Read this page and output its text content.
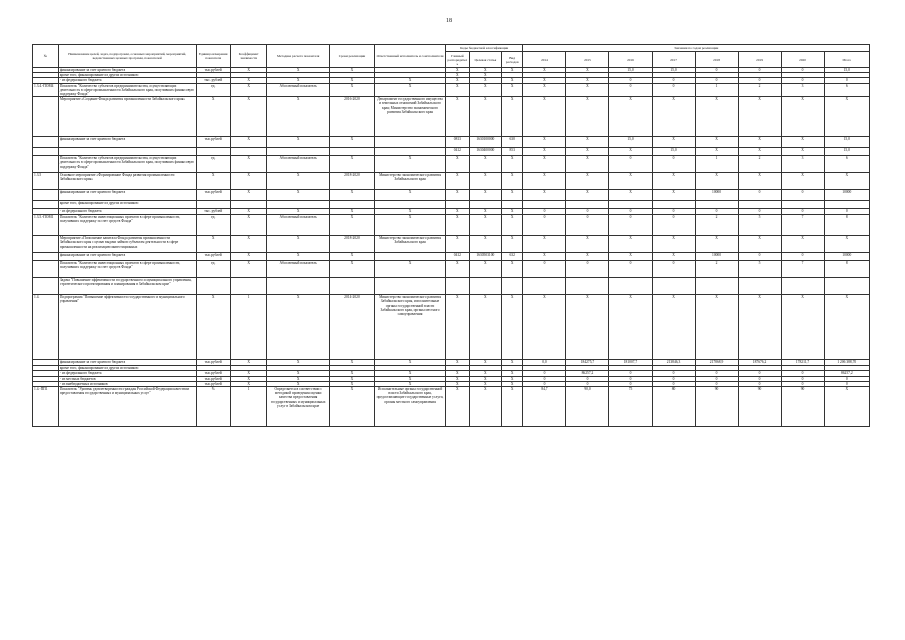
18
№	Наименование целей, задач, подпрограмм, основных мероприятий, мероприятий, ведомственных целевых программ, показателей	Единица измерения показателя	Коэффициент значимости	Методика расчета показателя	Сроки реализации	Ответственный исполнитель и соисполнители	Коды бюджетной классификации			Значения по годам реализации							
							Главный распорядитель	Целевая статья	Вид расходов	2014	2015	2016	2017	2018	2019	2020	Итого
	финансирование за счет краевого бюджета	тыс.рублей	Х	Х	Х		Х	Х	Х	Х	Х	15,0	15,0	0	0	0	15,0
	кроме того, финансирование из других источников:						Х	Х									
	- из федерального бюджета	тыс. рублей	Х	Х	Х	Х	Х	Х	Х	Х	Х	0	0	0	0	0	0
1.3.4.-ПОМ4	Показатель "Количество субъектов предпринимательства, осуществляющих деятельность в сфере промышленности Забайкальского края, получивших финансовую поддержку Фонда"	ед.	Х	Абсолютный показатель	Х	Х	Х	Х	Х	Х	Х	0	0	1	2	3	6
	Мероприятие «Создание Фонда развития промышленности Забайкальского края»	Х	Х	Х	2016-2020	Департамент государственного имущества и земельных отношений Забайкальского края; Министерство экономического развития Забайкальского края	Х	Х	Х	Х	Х	Х	Х	Х	Х	Х	Х
	финансирование за счет краевого бюджета	тыс.рублей	Х	Х	Х		0813	1630100000	630	Х	Х	15,0	Х	Х	Х	Х	15,0
							0412	1630400000	853	Х	Х	Х	15,0	Х	Х	Х	15,0
	Показатель "Количество субъектов предпринимательства, осуществляющих деятельность в сфере промышленности Забайкальского края, получивших финансовую поддержку Фонда"	ед.	Х	Абсолютный показатель	Х	Х	Х	Х	Х	Х	Х	0	0	1	2	3	6
1.3.5	Основное мероприятие «Формирование Фонда развития промышленности Забайкальского края»	Х	Х	Х	2018-2020	Министерство экономического развития Забайкальского края	Х	Х	Х	Х	Х	Х	Х	Х	Х	Х	Х
	финансирование за счет краевого бюджета	тыс.рублей	Х	Х	Х	Х	Х	Х	Х	Х	Х	Х	Х	10000	0	0	10000
	кроме того, финансирование из других источников:																
	- из федерального бюджета	тыс. рублей	Х	Х	Х	Х	Х	Х	Х	0	0	0	0	0	0	0	0
1.3.5.-ПОМ1	Показатель "Количество инвестиционных проектов в сфере промышленности, получивших поддержку за счет средств Фонда"	ед.	Х	Абсолютный показатель	Х	Х	Х	Х	Х	0	0	0	0	2	5	7	8
	Мероприятие «Пополнение капитала Фонда развития промышленности Забайкальского края с целью выдачи займов субъектам деятельности в сфере промышленности на реализацию инвестиционных	Х	Х	Х	2018-2020	Министерство экономического развития Забайкальского края	Х	Х	Х	Х	Х	Х	Х	Х	Х	Х	Х
	финансирование за счет краевого бюджета	тыс.рублей	Х	Х	Х		0412	1630503100	632	Х	Х	Х	Х	10000	0	0	10000
	Показатель "Количество инвестиционных проектов в сфере промышленности, получивших поддержку за счет средств Фонда"	ед.	Х	Абсолютный показатель	Х	Х	Х	Х	Х	0	0	0	0	2	5	7	8
	Задача "Повышение эффективности государственного и муниципального управления, стратегического проектирования и планирования в Забайкальском крае"																
1.4.	Подпрограмма "Повышение эффективности государственного и муниципального управления"	Х	1	Х	2014-2020	Министерство экономического развития Забайкальского края, исполнительные органы государственной власти Забайкальского края, органы местного самоуправления	Х	Х	Х	Х	Х	Х	Х	Х	Х	Х	Х
	финансирование за счет краевого бюджета	тыс.рублей	Х	Х	Х	Х	Х	Х	Х	0,0	184275,7	181007,7	213846,3	217868,9	187676,2	178211,7	1 206 388,70
	кроме того, финансирование из других источников:																
	- из федерального бюджета	тыс.рублей	Х	Х	Х	Х	Х	Х	Х	0	86257,2	0	0	0	0	0	86257,2
	- из местных бюджетов	тыс.рублей	Х	Х	Х	Х	Х	Х	Х	0	0	0	0	0	0	0	0
	- из внебюджетных источников	тыс.рублей	Х	Х	Х	Х	Х	Х	Х	0	0	0	0	0	0	0	0
1.4.-ПП1	Показатель "Уровень удовлетворенности граждан Российской Федерации качеством предоставления государственных и муниципальных услуг"	%	1	Определяется в соответствии с методикой проведения оценки качества предоставления государственных и муниципальных услуг в Забайкальском крае	Х	Исполнительные органы государственной власти Забайкальского края, предоставляющие государственные услуги, органы местного самоуправления	Х	Х	Х	84,7	90,0	75	80	90	90	90	Х
